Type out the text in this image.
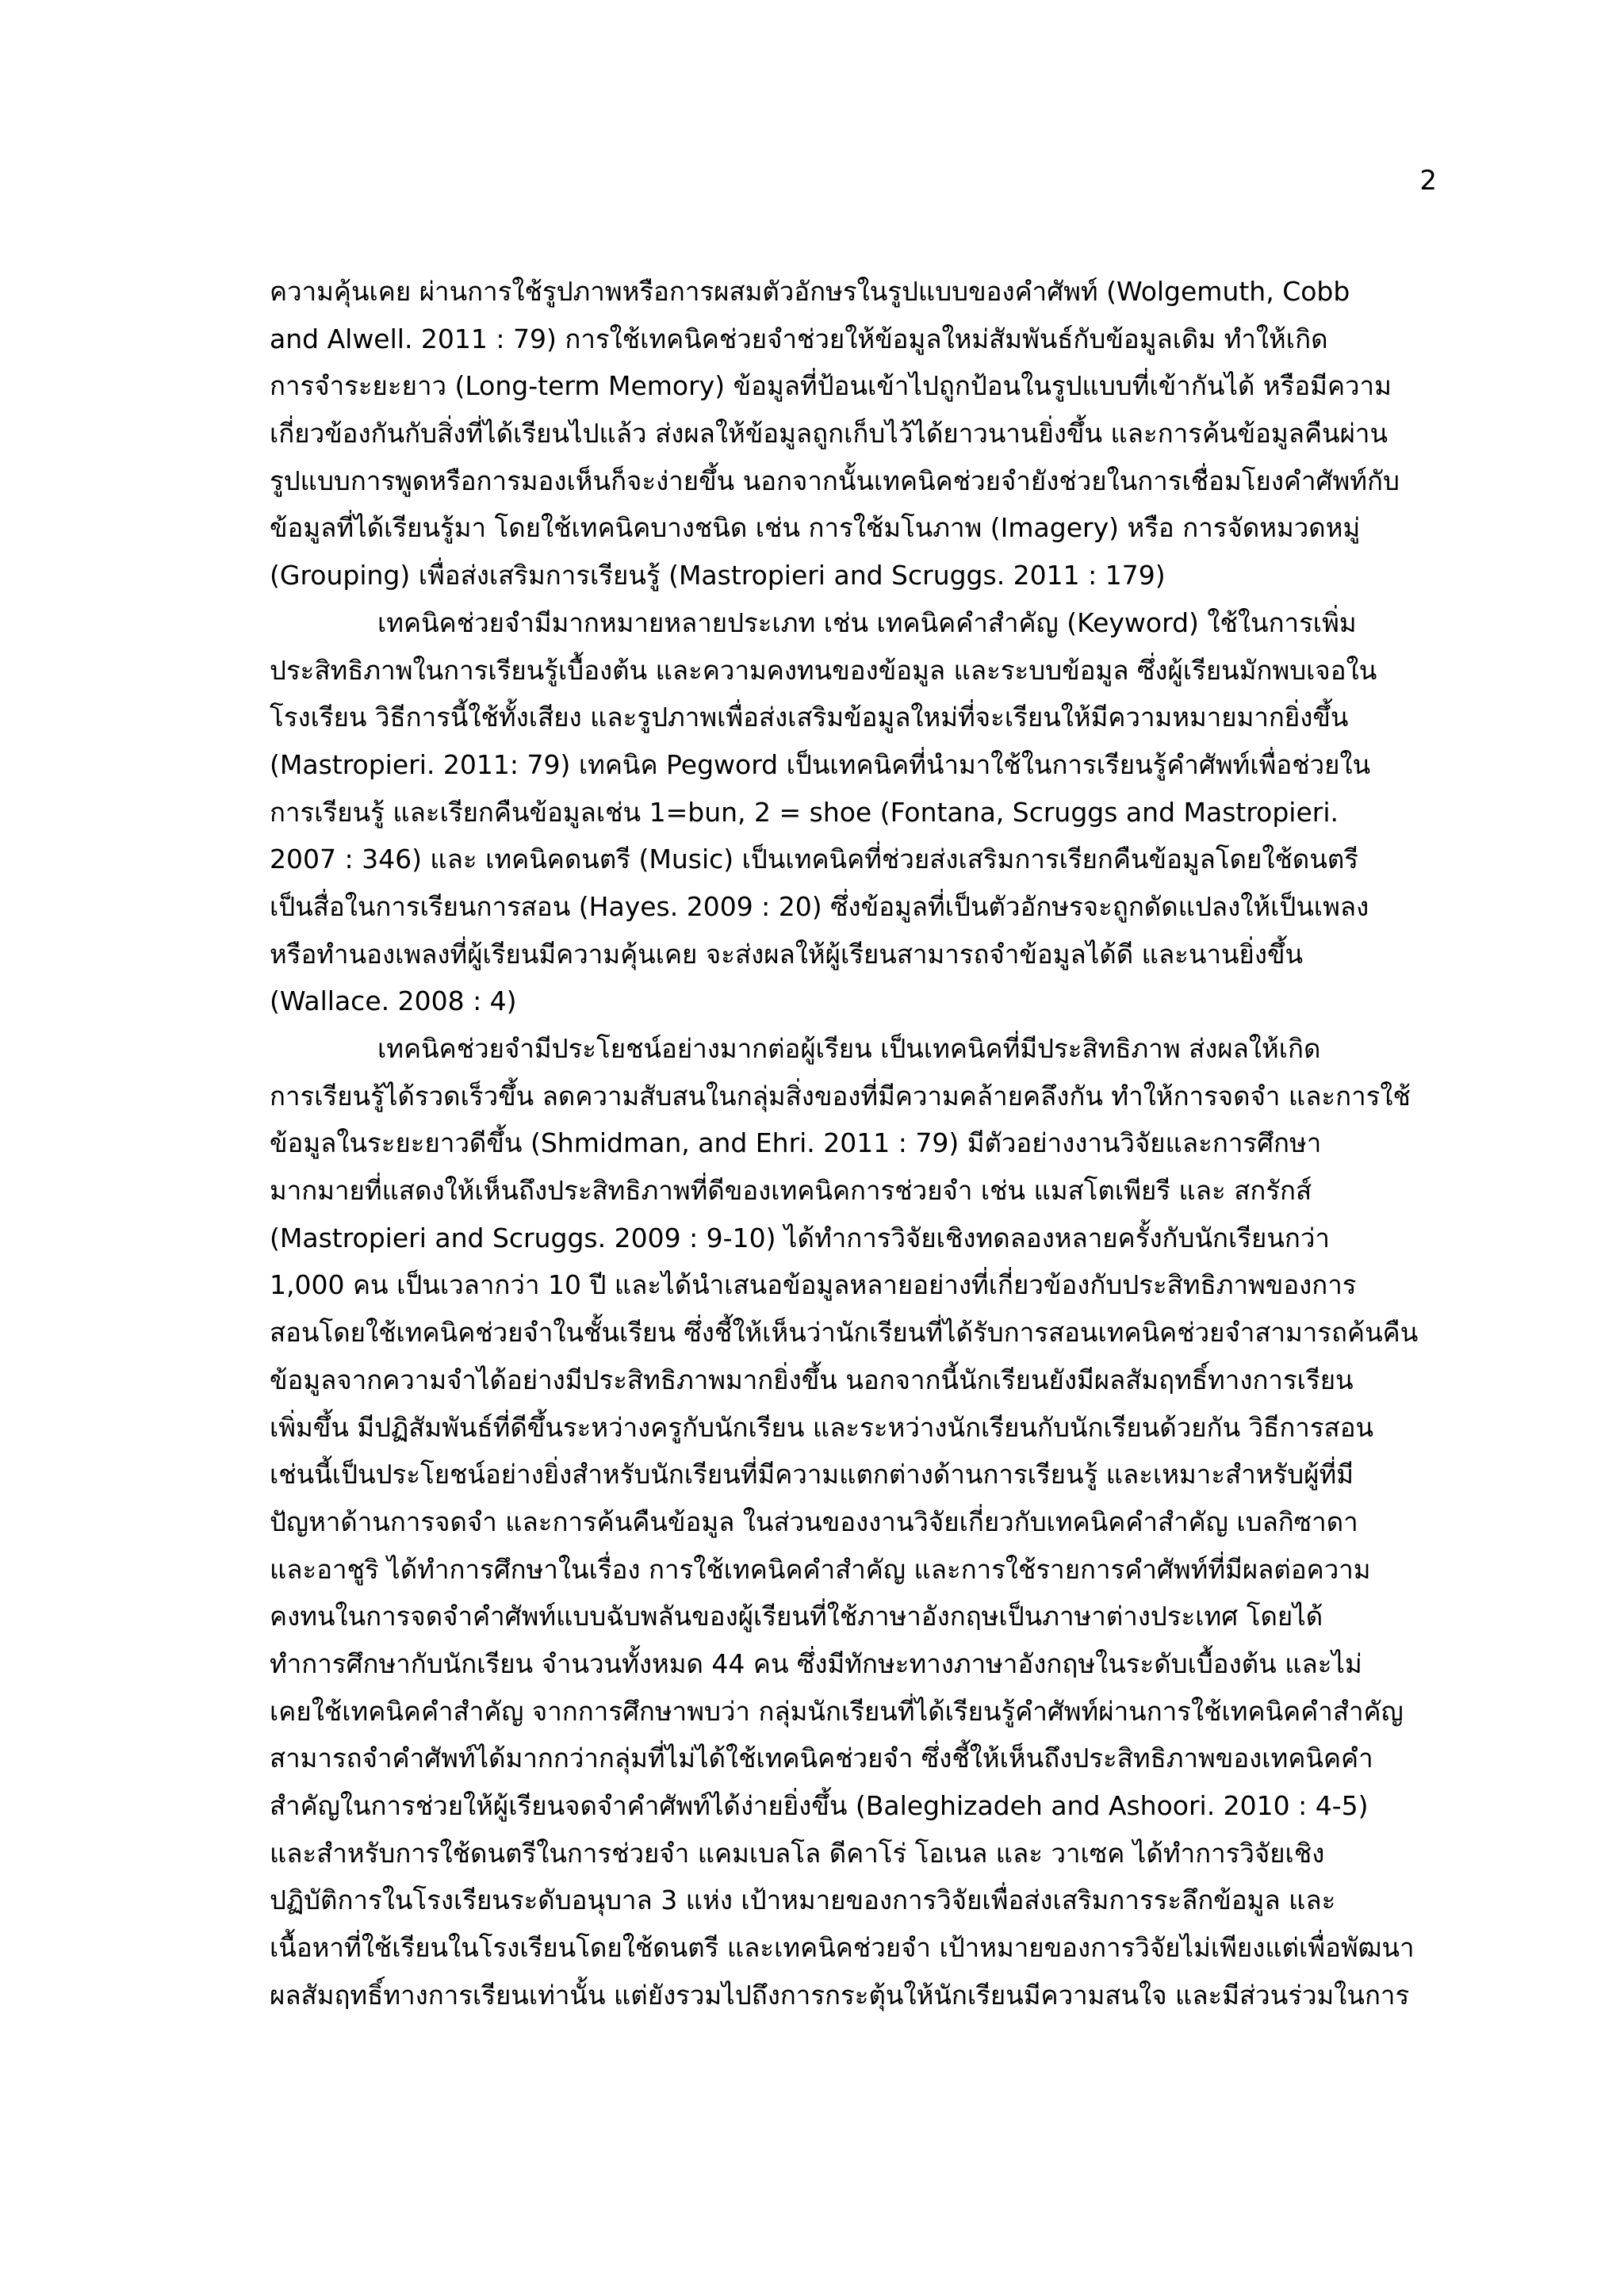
2
ความคุ้นเคย ผ่านการใช้รูปภาพหรือการผสมตัวอักษรในรูปแบบของคำศัพท์ (Wolgemuth, Cobb
and Alwell. 2011 : 79) การใช้เทคนิคช่วยจำช่วยให้ข้อมูลใหม่สัมพันธ์กับข้อมูลเดิม ทำให้เกิด
การจำระยะยาว (Long-term Memory) ข้อมูลที่ป้อนเข้าไปถูกป้อนในรูปแบบที่เข้ากันได้ หรือมีความ
เกี่ยวข้องกันกับสิ่งที่ได้เรียนไปแล้ว ส่งผลให้ข้อมูลถูกเก็บไว้ได้ยาวนานยิ่งขึ้น และการค้นข้อมูลคืนผ่าน
รูปแบบการพูดหรือการมองเห็นก็จะง่ายขึ้น นอกจากนั้นเทคนิคช่วยจำยังช่วยในการเชื่อมโยงคำศัพท์กับ
ข้อมูลที่ได้เรียนรู้มา โดยใช้เทคนิคบางชนิด เช่น การใช้มโนภาพ (Imagery) หรือ การจัดหมวดหมู่
(Grouping) เพื่อส่งเสริมการเรียนรู้ (Mastropieri and Scruggs. 2011 : 179)
เทคนิคช่วยจำมีมากหมายหลายประเภท เช่น เทคนิคคำสำคัญ (Keyword) ใช้ในการเพิ่ม
ประสิทธิภาพในการเรียนรู้เบื้องต้น และความคงทนของข้อมูล และระบบข้อมูล ซึ่งผู้เรียนมักพบเจอใน
โรงเรียน วิธีการนี้ใช้ทั้งเสียง และรูปภาพเพื่อส่งเสริมข้อมูลใหม่ที่จะเรียนให้มีความหมายมากยิ่งขึ้น
(Mastropieri. 2011: 79) เทคนิค Pegword เป็นเทคนิคที่นำมาใช้ในการเรียนรู้คำศัพท์เพื่อช่วยใน
การเรียนรู้ และเรียกคืนข้อมูลเช่น 1=bun, 2 = shoe (Fontana, Scruggs and Mastropieri.
2007 : 346) และ เทคนิคดนตรี (Music) เป็นเทคนิคที่ช่วยส่งเสริมการเรียกคืนข้อมูลโดยใช้ดนตรี
เป็นสื่อในการเรียนการสอน (Hayes. 2009 : 20) ซึ่งข้อมูลที่เป็นตัวอักษรจะถูกดัดแปลงให้เป็นเพลง
หรือทำนองเพลงที่ผู้เรียนมีความคุ้นเคย จะส่งผลให้ผู้เรียนสามารถจำข้อมูลได้ดี และนานยิ่งขึ้น
(Wallace. 2008 : 4)
เทคนิคช่วยจำมีประโยชน์อย่างมากต่อผู้เรียน เป็นเทคนิคที่มีประสิทธิภาพ ส่งผลให้เกิด
การเรียนรู้ได้รวดเร็วขึ้น ลดความสับสนในกลุ่มสิ่งของที่มีความคล้ายคลึงกัน ทำให้การจดจำ และการใช้
ข้อมูลในระยะยาวดีขึ้น (Shmidman, and Ehri. 2011 : 79) มีตัวอย่างงานวิจัยและการศึกษา
มากมายที่แสดงให้เห็นถึงประสิทธิภาพที่ดีของเทคนิคการช่วยจำ เช่น แมสโตเพียรี และ สกรักส์
(Mastropieri and Scruggs. 2009 : 9-10) ได้ทำการวิจัยเชิงทดลองหลายครั้งกับนักเรียนกว่า
1,000 คน เป็นเวลากว่า 10 ปี และได้นำเสนอข้อมูลหลายอย่างที่เกี่ยวข้องกับประสิทธิภาพของการ
สอนโดยใช้เทคนิคช่วยจำในชั้นเรียน ซึ่งชี้ให้เห็นว่านักเรียนที่ได้รับการสอนเทคนิคช่วยจำสามารถค้นคืน
ข้อมูลจากความจำได้อย่างมีประสิทธิภาพมากยิ่งขึ้น นอกจากนี้นักเรียนยังมีผลสัมฤทธิ์ทางการเรียน
เพิ่มขึ้น มีปฏิสัมพันธ์ที่ดีขึ้นระหว่างครูกับนักเรียน และระหว่างนักเรียนกับนักเรียนด้วยกัน วิธีการสอน
เช่นนี้เป็นประโยชน์อย่างยิ่งสำหรับนักเรียนที่มีความแตกต่างด้านการเรียนรู้ และเหมาะสำหรับผู้ที่มี
ปัญหาด้านการจดจำ และการค้นคืนข้อมูล ในส่วนของงานวิจัยเกี่ยวกับเทคนิคคำสำคัญ เบลกิซาดา
และอาชูริ ได้ทำการศึกษาในเรื่อง การใช้เทคนิคคำสำคัญ และการใช้รายการคำศัพท์ที่มีผลต่อความ
คงทนในการจดจำคำศัพท์แบบฉับพลันของผู้เรียนที่ใช้ภาษาอังกฤษเป็นภาษาต่างประเทศ โดยได้
ทำการศึกษากับนักเรียน จำนวนทั้งหมด 44 คน ซึ่งมีทักษะทางภาษาอังกฤษในระดับเบื้องต้น และไม่
เคยใช้เทคนิคคำสำคัญ จากการศึกษาพบว่า กลุ่มนักเรียนที่ได้เรียนรู้คำศัพท์ผ่านการใช้เทคนิคคำสำคัญ
สามารถจำคำศัพท์ได้มากกว่ากลุ่มที่ไม่ได้ใช้เทคนิคช่วยจำ ซึ่งชี้ให้เห็นถึงประสิทธิภาพของเทคนิคคำ
สำคัญในการช่วยให้ผู้เรียนจดจำคำศัพท์ได้ง่ายยิ่งขึ้น (Baleghizadeh and Ashoori. 2010 : 4-5)
และสำหรับการใช้ดนตรีในการช่วยจำ แคมเบลโล ดีคาโร่ โอเนล และ วาเซค ได้ทำการวิจัยเชิง
ปฏิบัติการในโรงเรียนระดับอนุบาล 3 แห่ง เป้าหมายของการวิจัยเพื่อส่งเสริมการระลึกข้อมูล และ
เนื้อหาที่ใช้เรียนในโรงเรียนโดยใช้ดนตรี และเทคนิคช่วยจำ เป้าหมายของการวิจัยไม่เพียงแต่เพื่อพัฒนา
ผลสัมฤทธิ์ทางการเรียนเท่านั้น แต่ยังรวมไปถึงการกระตุ้นให้นักเรียนมีความสนใจ และมีส่วนร่วมในการ
